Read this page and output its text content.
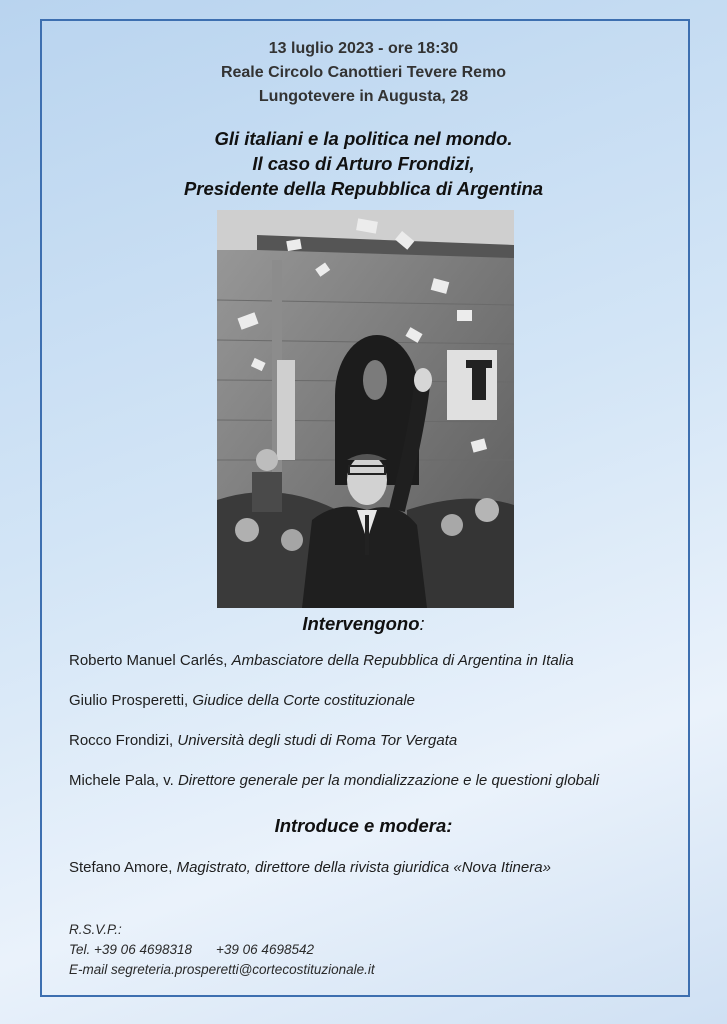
13 luglio 2023 - ore 18:30
Reale Circolo Canottieri Tevere Remo
Lungotevere in Augusta, 28
Gli italiani e la politica nel mondo.
Il caso di Arturo Frondizi,
Presidente della Repubblica di Argentina
Intervengono:
Roberto Manuel Carlés, Ambasciatore della Repubblica di Argentina in Italia
Giulio Prosperetti, Giudice della Corte costituzionale
Rocco Frondizi, Università degli studi di Roma Tor Vergata
Michele Pala, v. Direttore generale per la mondializzazione e le questioni globali
Introduce e modera:
Stefano Amore, Magistrato, direttore della rivista giuridica «Nova Itinera»
R.S.V.P.:
Tel. +39 06 4698318 +39 06 4698542
E-mail segreteria.prosperetti@cortecostituzionale.it
